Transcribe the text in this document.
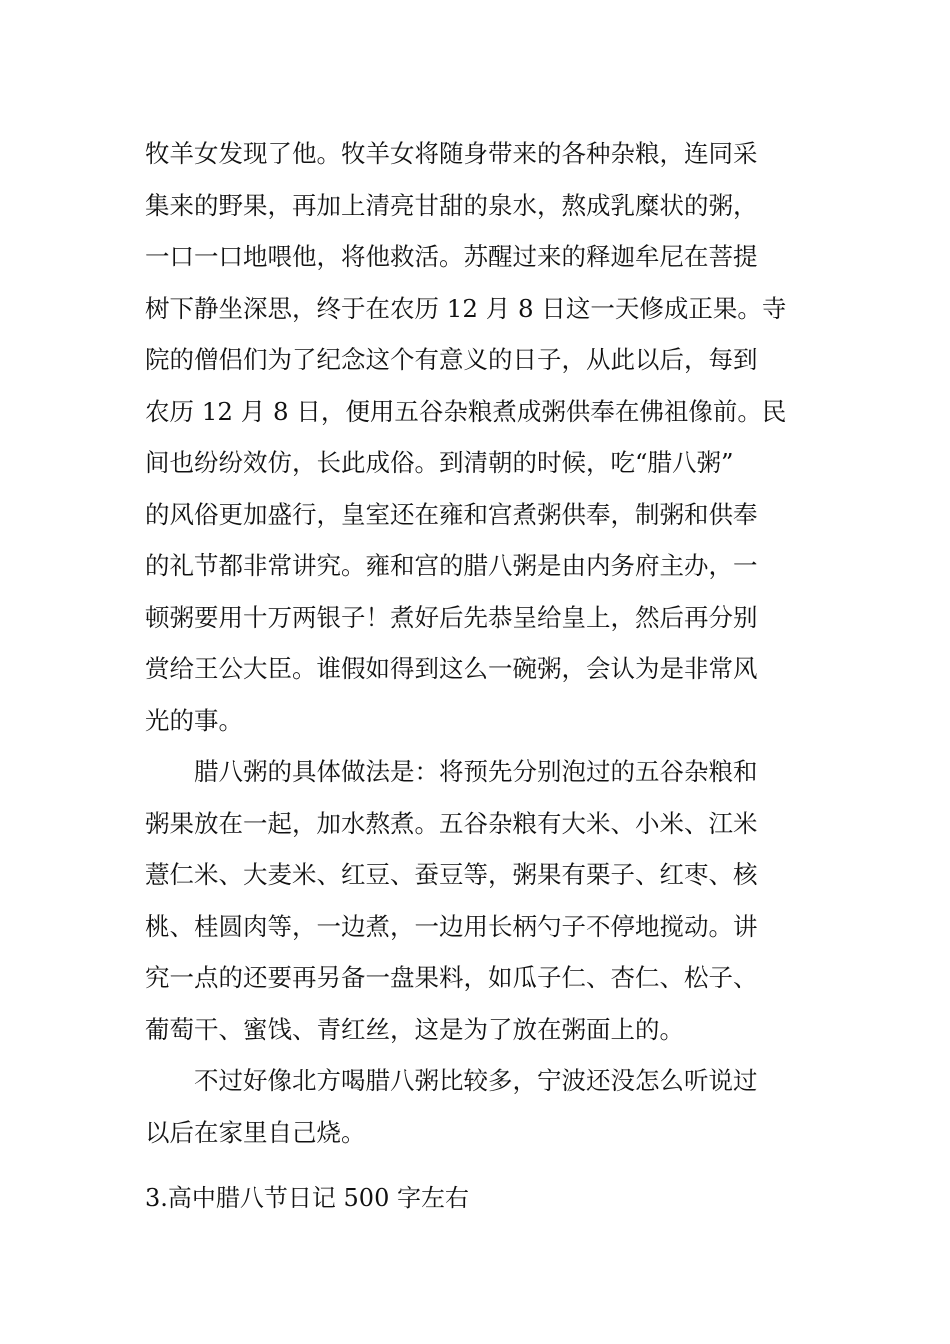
牧羊女发现了他。牧羊女将随身带来的各种杂粮，连同采
集来的野果，再加上清亮甘甜的泉水，熬成乳糜状的粥，
一口一口地喂他，将他救活。苏醒过来的释迦牟尼在菩提
树下静坐深思，终于在农历 12 月 8 日这一天修成正果。寺
院的僧侣们为了纪念这个有意义的日子，从此以后，每到
农历 12 月 8 日，便用五谷杂粮煮成粥供奉在佛祖像前。民
间也纷纷效仿，长此成俗。到清朝的时候，吃“腊八粥”
的风俗更加盛行，皇室还在雍和宫煮粥供奉，制粥和供奉
的礼节都非常讲究。雍和宫的腊八粥是由内务府主办，一
顿粥要用十万两银子！煮好后先恭呈给皇上，然后再分别
赏给王公大臣。谁假如得到这么一碗粥，会认为是非常风
光的事。

腊八粥的具体做法是：将预先分别泡过的五谷杂粮和
粥果放在一起，加水熬煮。五谷杂粮有大米、小米、江米
薏仁米、大麦米、红豆、蚕豆等，粥果有栗子、红枣、核
桃、桂圆肉等，一边煮，一边用长柄勺子不停地搅动。讲
究一点的还要再另备一盘果料，如瓜子仁、杏仁、松子、
葡萄干、蜜饯、青红丝，这是为了放在粥面上的。

不过好像北方喝腊八粥比较多，宁波还没怎么听说过
以后在家里自己烧。

3.高中腊八节日记 500 字左右
